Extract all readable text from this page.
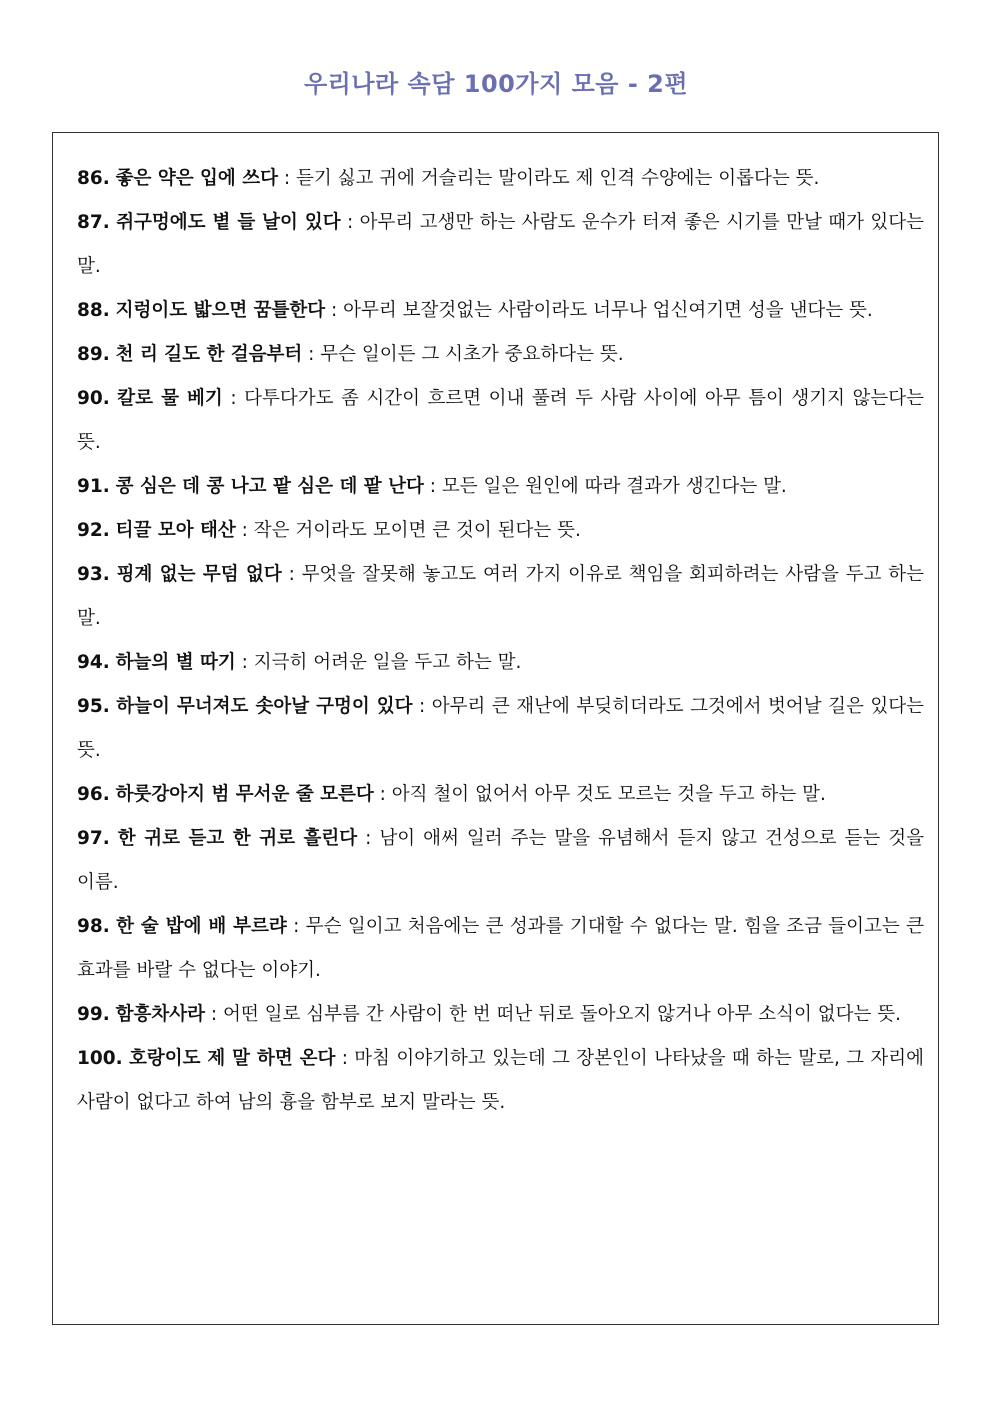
우리나라 속담 100가지 모음 - 2편

86. 좋은 약은 입에 쓰다 : 듣기 싫고 귀에 거슬리는 말이라도 제 인격 수양에는 이롭다는 뜻.

87. 쥐구멍에도 볕 들 날이 있다 : 아무리 고생만 하는 사람도 운수가 터져 좋은 시기를 만날 때가 있다는 말.

88. 지렁이도 밟으면 꿈틀한다 : 아무리 보잘것없는 사람이라도 너무나 업신여기면 성을 낸다는 뜻.

89. 천 리 길도 한 걸음부터 : 무슨 일이든 그 시초가 중요하다는 뜻.

90. 칼로 물 베기 : 다투다가도 좀 시간이 흐르면 이내 풀려 두 사람 사이에 아무 틈이 생기지 않는다는 뜻.

91. 콩 심은 데 콩 나고 팥 심은 데 팥 난다 : 모든 일은 원인에 따라 결과가 생긴다는 말.

92. 티끌 모아 태산 : 작은 거이라도 모이면 큰 것이 된다는 뜻.

93. 핑계 없는 무덤 없다 : 무엇을 잘못해 놓고도 여러 가지 이유로 책임을 회피하려는 사람을 두고 하는 말.

94. 하늘의 별 따기 : 지극히 어려운 일을 두고 하는 말.

95. 하늘이 무너져도 솟아날 구멍이 있다 : 아무리 큰 재난에 부딪히더라도 그것에서 벗어날 길은 있다는 뜻.

96. 하룻강아지 범 무서운 줄 모른다 : 아직 철이 없어서 아무 것도 모르는 것을 두고 하는 말.

97. 한 귀로 듣고 한 귀로 흘린다 : 남이 애써 일러 주는 말을 유념해서 듣지 않고 건성으로 듣는 것을 이름.

98. 한 술 밥에 배 부르랴 : 무슨 일이고 처음에는 큰 성과를 기대할 수 없다는 말. 힘을 조금 들이고는 큰 효과를 바랄 수 없다는 이야기.

99. 함흥차사라 : 어떤 일로 심부름 간 사람이 한 번 떠난 뒤로 돌아오지 않거나 아무 소식이 없다는 뜻.

100. 호랑이도 제 말 하면 온다 : 마침 이야기하고 있는데 그 장본인이 나타났을 때 하는 말로, 그 자리에 사람이 없다고 하여 남의 흉을 함부로 보지 말라는 뜻.
